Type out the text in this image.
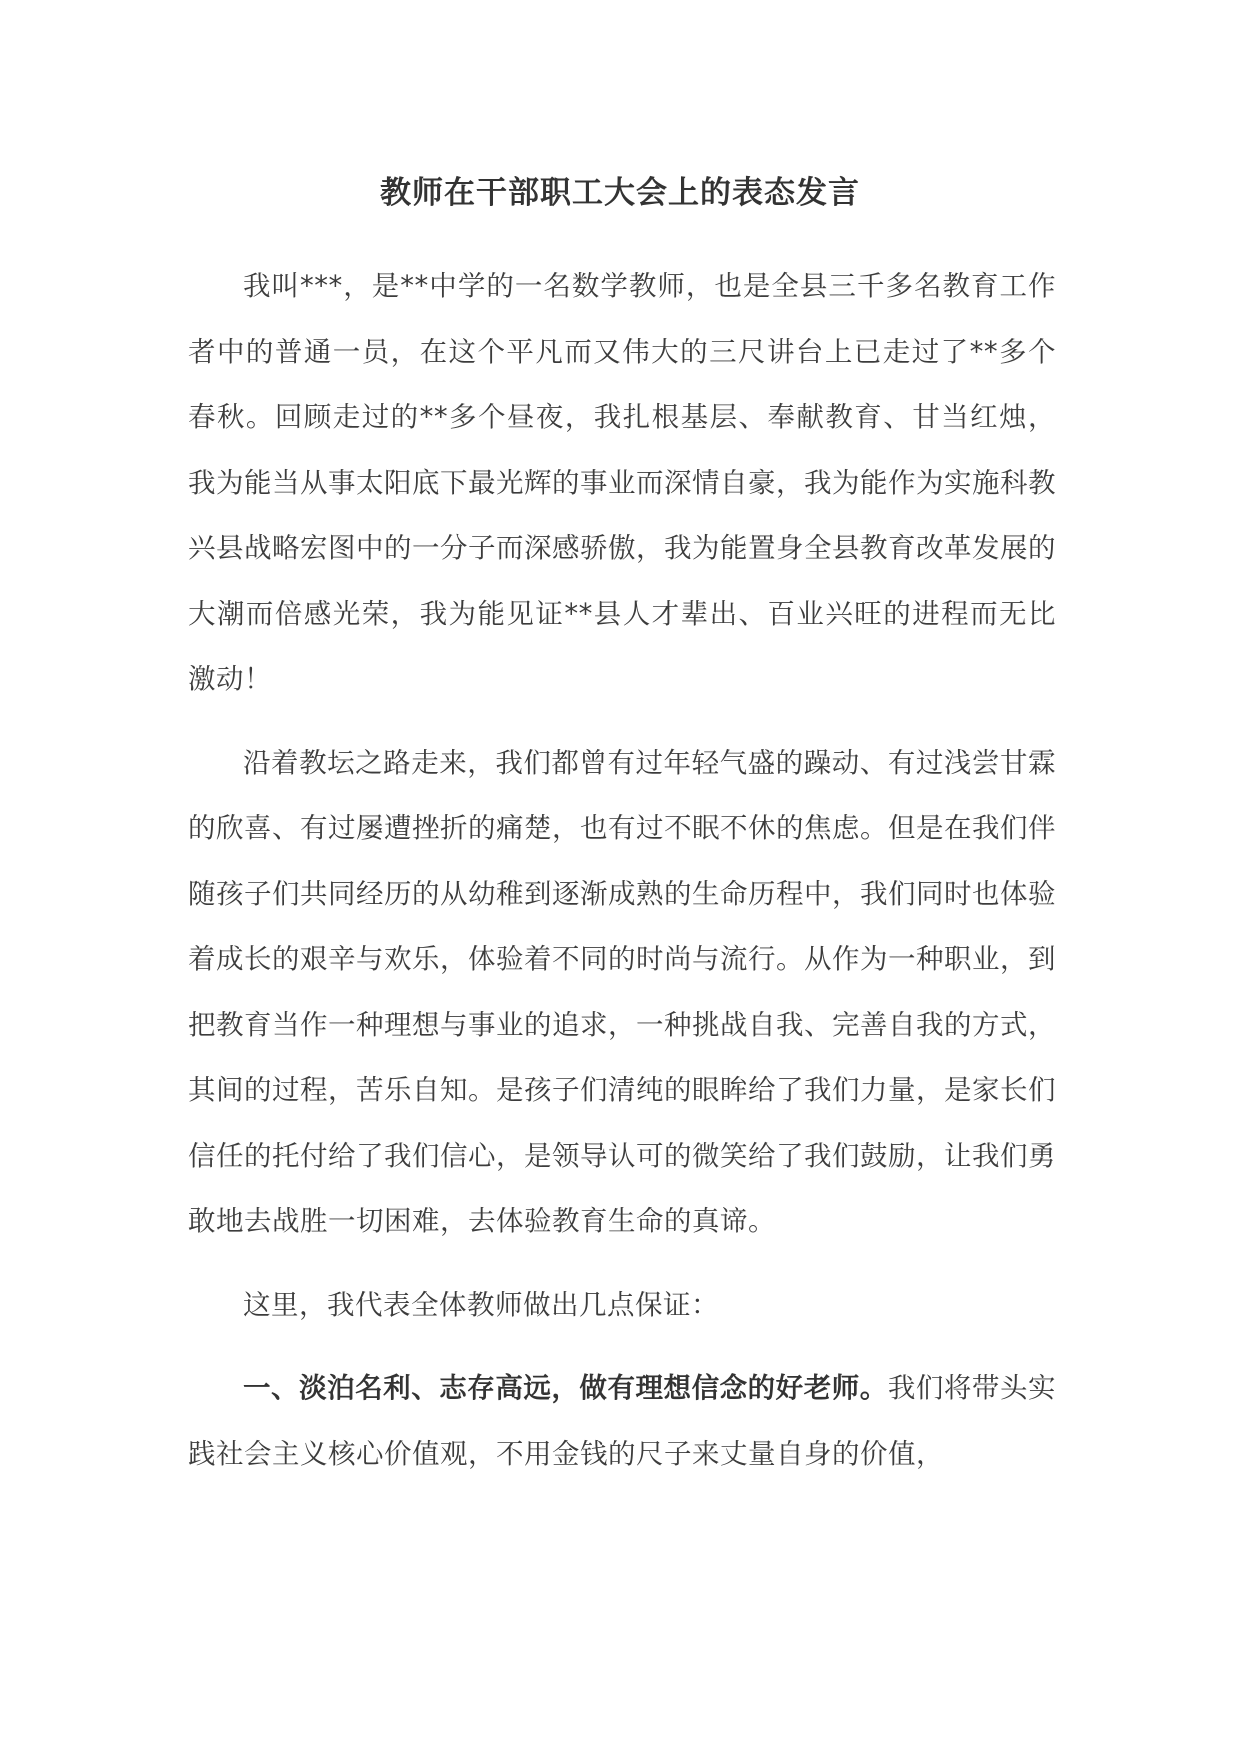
教师在干部职工大会上的表态发言

我叫***，是**中学的一名数学教师，也是全县三千多名教育工作者中的普通一员，在这个平凡而又伟大的三尺讲台上已走过了**多个春秋。回顾走过的**多个昼夜，我扎根基层、奉献教育、甘当红烛，我为能当从事太阳底下最光辉的事业而深情自豪，我为能作为实施科教兴县战略宏图中的一分子而深感骄傲，我为能置身全县教育改革发展的大潮而倍感光荣，我为能见证**县人才辈出、百业兴旺的进程而无比激动！

沿着教坛之路走来，我们都曾有过年轻气盛的躁动、有过浅尝甘霖的欣喜、有过屡遭挫折的痛楚，也有过不眠不休的焦虑。但是在我们伴随孩子们共同经历的从幼稚到逐渐成熟的生命历程中，我们同时也体验着成长的艰辛与欢乐，体验着不同的时尚与流行。从作为一种职业，到把教育当作一种理想与事业的追求，一种挑战自我、完善自我的方式，其间的过程，苦乐自知。是孩子们清纯的眼眸给了我们力量，是家长们信任的托付给了我们信心，是领导认可的微笑给了我们鼓励，让我们勇敢地去战胜一切困难，去体验教育生命的真谛。

这里，我代表全体教师做出几点保证：

一、淡泊名利、志存高远，做有理想信念的好老师。我们将带头实践社会主义核心价值观，不用金钱的尺子来丈量自身的价值，
